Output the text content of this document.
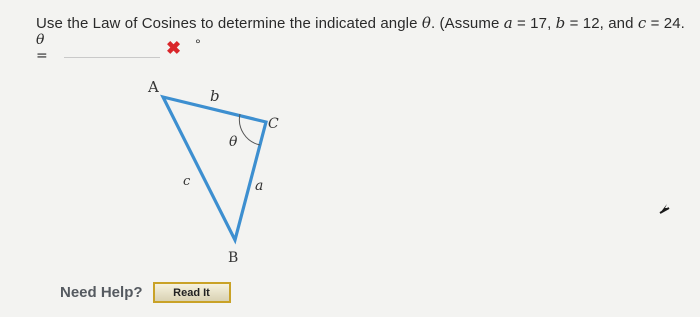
Use the Law of Cosines to determine the indicated angle θ. (Assume a = 17, b = 12, and c = 24.
θ =	✖ °
A
C
B
b
c	a
θ
Need Help?	Read It
